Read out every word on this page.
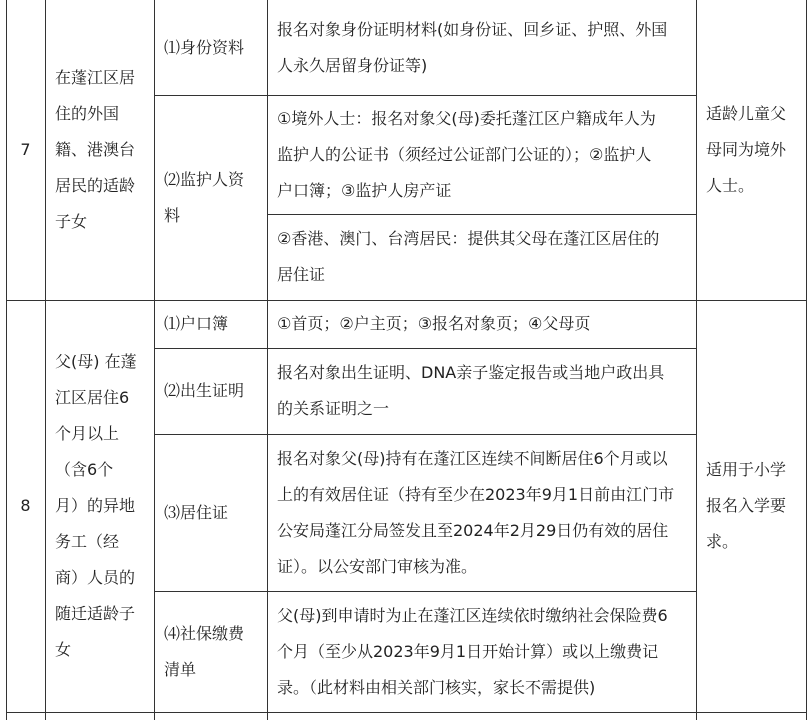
7
在蓬江区居
住的外国
籍、港澳台
居民的适龄
子女
⑴身份资料
报名对象身份证明材料(如身份证、回乡证、护照、外国
人永久居留身份证等)
⑵监护人资
料
①境外人士：报名对象父(母)委托蓬江区户籍成年人为
监护人的公证书（须经过公证部门公证的）；②监护人
户口簿；③监护人房产证
②香港、澳门、台湾居民：提供其父母在蓬江区居住的
居住证
适龄儿童父
母同为境外
人士。
8
父(母) 在蓬
江区居住6
个月以上
（含6个
月）的异地
务工（经
商）人员的
随迁适龄子
女
⑴户口簿	①首页；②户主页；③报名对象页；④父母页
⑵出生证明
报名对象出生证明、DNA亲子鉴定报告或当地户政出具
的关系证明之一
⑶居住证
报名对象父(母)持有在蓬江区连续不间断居住6个月或以
上的有效居住证（持有至少在2023年9月1日前由江门市
公安局蓬江分局签发且至2024年2月29日仍有效的居住
证）。以公安部门审核为准。
⑷社保缴费
清单
父(母)到申请时为止在蓬江区连续依时缴纳社会保险费6
个月（至少从2023年9月1日开始计算）或以上缴费记
录。（此材料由相关部门核实，家长不需提供)
适用于小学
报名入学要
求。
